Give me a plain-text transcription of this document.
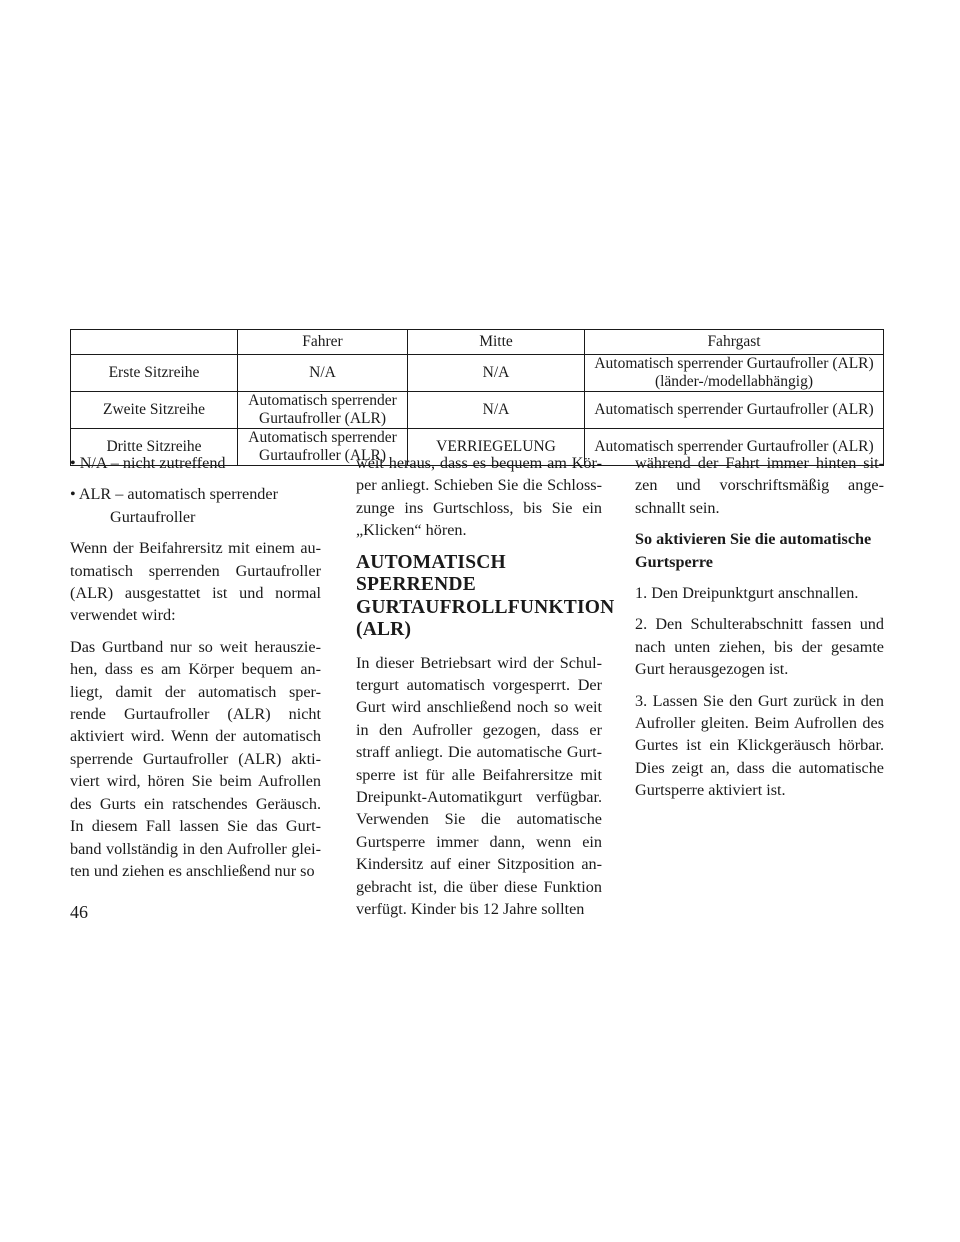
	Fahrer	Mitte	Fahrgast
Erste Sitzreihe	N/A	N/A	Automatisch sperrender Gurtaufroller (ALR) (länder-/modellabhängig)
Zweite Sitzreihe	Automatisch sperrender Gurtaufroller (ALR)	N/A	Automatisch sperrender Gurtaufroller (ALR)
Dritte Sitzreihe	Automatisch sperrender Gurtaufroller (ALR)	VERRIEGELUNG	Automatisch sperrender Gurtaufroller (ALR)

• N/A – nicht zutreffend

• ALR – automatisch sperrender
Gurtaufroller

Wenn der Beifahrersitz mit einem au-tomatisch sperrenden Gurtaufroller (ALR) ausgestattet ist und normal verwendet wird:

Das Gurtband nur so weit herauszie-hen, dass es am Körper bequem an-liegt, damit der automatisch sper-rende Gurtaufroller (ALR) nicht aktiviert wird. Wenn der automatisch sperrende Gurtaufroller (ALR) akti-viert wird, hören Sie beim Aufrollen des Gurts ein ratschendes Geräusch. In diesem Fall lassen Sie das Gurt-band vollständig in den Aufroller glei-ten und ziehen es anschließend nur so

weit heraus, dass es bequem am Kör-per anliegt. Schieben Sie die Schloss-zunge ins Gurtschloss, bis Sie ein „Klicken“ hören.

AUTOMATISCH SPERRENDE GURTAUFROLLFUNKTION (ALR)

In dieser Betriebsart wird der Schul-tergurt automatisch vorgesperrt. Der Gurt wird anschließend noch so weit in den Aufroller gezogen, dass er straff anliegt. Die automatische Gurt-sperre ist für alle Beifahrersitze mit Dreipunkt-Automatikgurt verfügbar. Verwenden Sie die automatische Gurtsperre immer dann, wenn ein Kindersitz auf einer Sitzposition an-gebracht ist, die über diese Funktion verfügt. Kinder bis 12 Jahre sollten

während der Fahrt immer hinten sit-zen und vorschriftsmäßig ange-schnallt sein.

So aktivieren Sie die automatische Gurtsperre

1. Den Dreipunktgurt anschnallen.

2. Den Schulterabschnitt fassen und nach unten ziehen, bis der gesamte Gurt herausgezogen ist.

3. Lassen Sie den Gurt zurück in den Aufroller gleiten. Beim Aufrollen des Gurtes ist ein Klickgeräusch hörbar. Dies zeigt an, dass die automatische Gurtsperre aktiviert ist.

46
